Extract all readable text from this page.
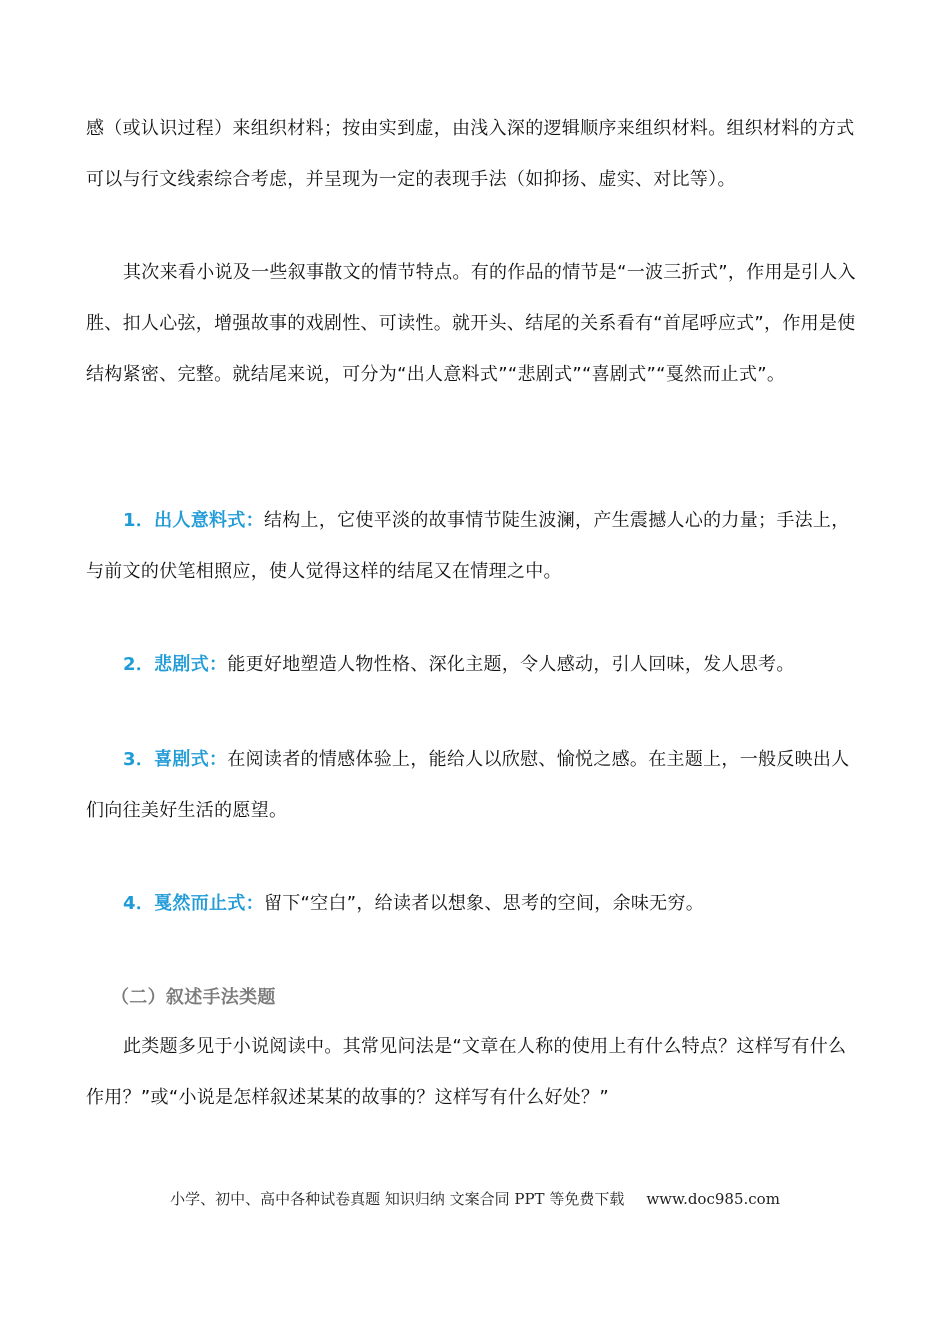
感（或认识过程）来组织材料；按由实到虚，由浅入深的逻辑顺序来组织材料。组织材料的方式可以与行文线索综合考虑，并呈现为一定的表现手法（如抑扬、虚实、对比等）。

其次来看小说及一些叙事散文的情节特点。有的作品的情节是“一波三折式”，作用是引人入胜、扣人心弦，增强故事的戏剧性、可读性。就开头、结尾的关系看有“首尾呼应式”，作用是使结构紧密、完整。就结尾来说，可分为“出人意料式”“悲剧式”“喜剧式”“戛然而止式”。

1．出人意料式：结构上，它使平淡的故事情节陡生波澜，产生震撼人心的力量；手法上，与前文的伏笔相照应，使人觉得这样的结尾又在情理之中。

2．悲剧式：能更好地塑造人物性格、深化主题，令人感动，引人回味，发人思考。

3．喜剧式：在阅读者的情感体验上，能给人以欣慰、愉悦之感。在主题上，一般反映出人们向往美好生活的愿望。

4．戛然而止式：留下“空白”，给读者以想象、思考的空间，余味无穷。

（二）叙述手法类题

此类题多见于小说阅读中。其常见问法是“文章在人称的使用上有什么特点？这样写有什么作用？”或“小说是怎样叙述某某的故事的？这样写有什么好处？”

小学、初中、高中各种试卷真题 知识归纳 文案合同 PPT 等免费下载 www.doc985.com
